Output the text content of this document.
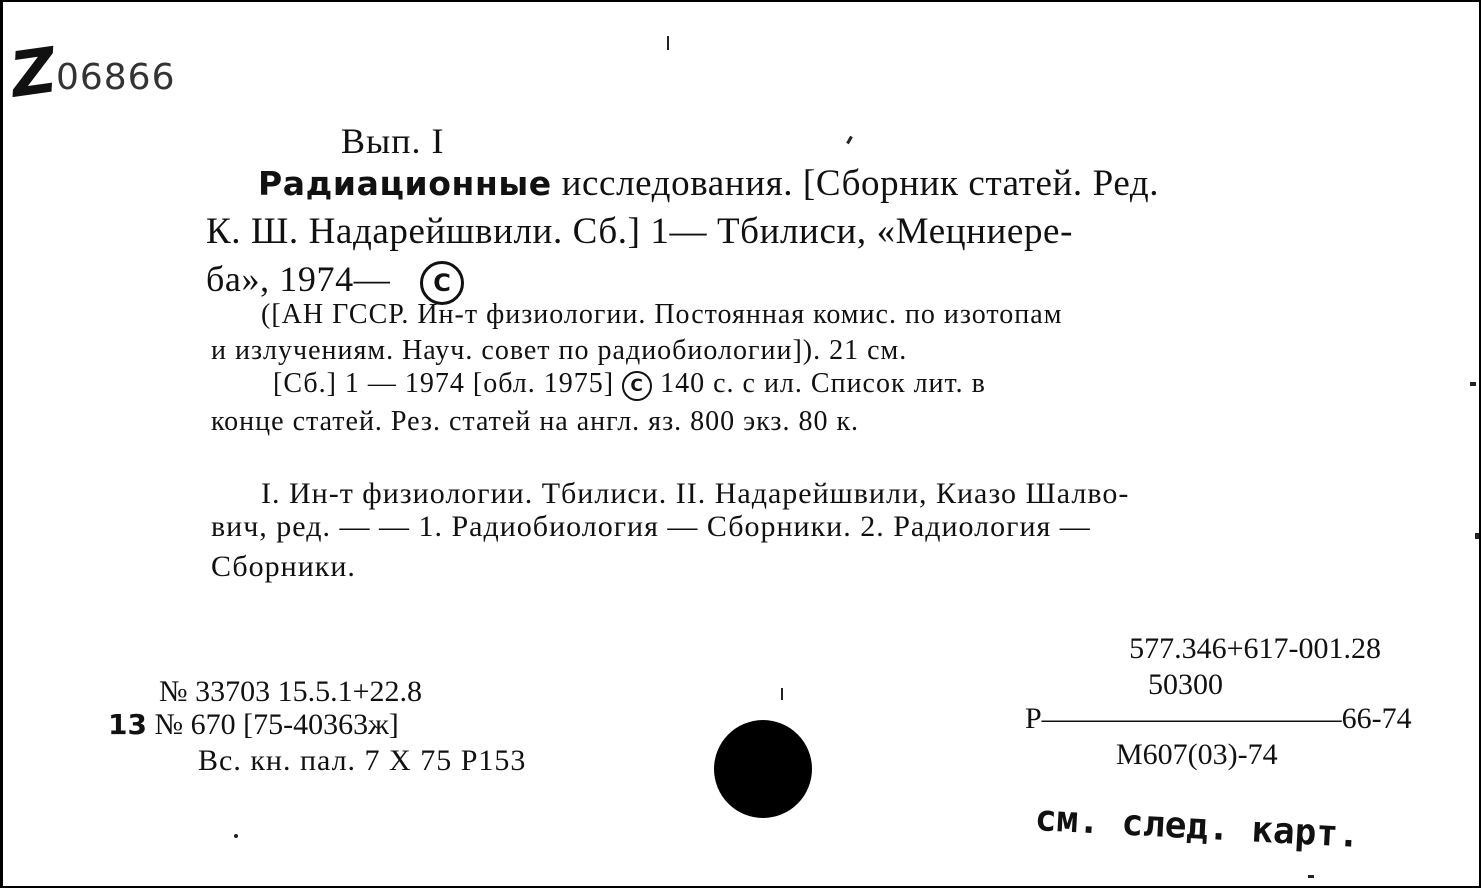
Z06866
Вып. I
Радиационные исследования. [Сборник статей. Ред.
К. Ш. Надарейшвили. Сб.] 1— Тбилиси, «Мецниере-
ба», 1974— C
([АН ГССР. Ин-т физиологии. Постоянная комис. по изотопам
и излучениям. Науч. совет по радиобиологии]). 21 см.
[Сб.] 1 — 1974 [обл. 1975] C 140 с. с ил. Список лит. в
конце статей. Рез. статей на англ. яз. 800 экз. 80 к.
I. Ин-т физиологии. Тбилиси. II. Надарейшвили, Киазо Шалво-
вич, ред. — — 1. Радиобиология — Сборники. 2. Радиология —
Сборники.
577.346+617-001.28
50300
Р——————————66-74
М607(03)-74
см. след. карт.
№ 33703 15.5.1+22.8
13 № 670 [75-40363ж]
Вс. кн. пал. 7 Х 75 Р153
